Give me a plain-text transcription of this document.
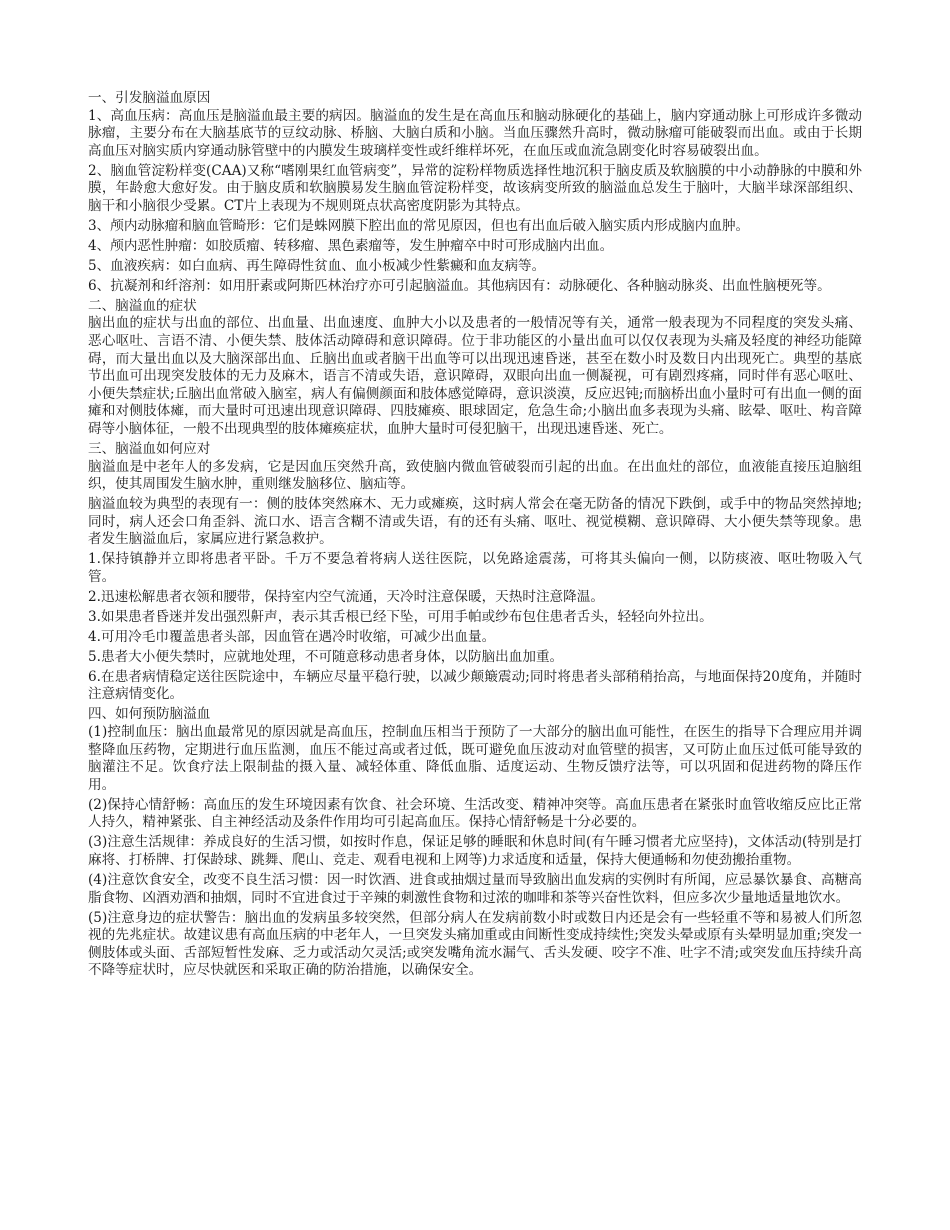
一、引发脑溢血原因

1、高血压病：高血压是脑溢血最主要的病因。脑溢血的发生是在高血压和脑动脉硬化的基础上，脑内穿通动脉上可形成许多微动脉瘤，主要分布在大脑基底节的豆纹动脉、桥脑、大脑白质和小脑。当血压骤然升高时，微动脉瘤可能破裂而出血。或由于长期高血压对脑实质内穿通动脉管壁中的内膜发生玻璃样变性或纤维样坏死，在血压或血流急剧变化时容易破裂出血。

2、脑血管淀粉样变(CAA)又称“嗜刚果红血管病变”，异常的淀粉样物质选择性地沉积于脑皮质及软脑膜的中小动静脉的中膜和外膜，年龄愈大愈好发。由于脑皮质和软脑膜易发生脑血管淀粉样变，故该病变所致的脑溢血总发生于脑叶，大脑半球深部组织、脑干和小脑很少受累。CT片上表现为不规则斑点状高密度阴影为其特点。

3、颅内动脉瘤和脑血管畸形：它们是蛛网膜下腔出血的常见原因，但也有出血后破入脑实质内形成脑内血肿。

4、颅内恶性肿瘤：如胶质瘤、转移瘤、黑色素瘤等，发生肿瘤卒中时可形成脑内出血。

5、血液疾病：如白血病、再生障碍性贫血、血小板减少性紫癜和血友病等。

6、抗凝剂和纤溶剂：如用肝素或阿斯匹林治疗亦可引起脑溢血。其他病因有：动脉硬化、各种脑动脉炎、出血性脑梗死等。

二、脑溢血的症状

脑出血的症状与出血的部位、出血量、出血速度、血肿大小以及患者的一般情况等有关，通常一般表现为不同程度的突发头痛、恶心呕吐、言语不清、小便失禁、肢体活动障碍和意识障碍。位于非功能区的小量出血可以仅仅表现为头痛及轻度的神经功能障碍，而大量出血以及大脑深部出血、丘脑出血或者脑干出血等可以出现迅速昏迷，甚至在数小时及数日内出现死亡。典型的基底节出血可出现突发肢体的无力及麻木，语言不清或失语，意识障碍，双眼向出血一侧凝视，可有剧烈疼痛，同时伴有恶心呕吐、小便失禁症状;丘脑出血常破入脑室，病人有偏侧颜面和肢体感觉障碍，意识淡漠，反应迟钝;而脑桥出血小量时可有出血一侧的面瘫和对侧肢体瘫，而大量时可迅速出现意识障碍、四肢瘫痪、眼球固定，危急生命;小脑出血多表现为头痛、眩晕、呕吐、构音障碍等小脑体征，一般不出现典型的肢体瘫痪症状，血肿大量时可侵犯脑干，出现迅速昏迷、死亡。

三、脑溢血如何应对

脑溢血是中老年人的多发病，它是因血压突然升高，致使脑内微血管破裂而引起的出血。在出血灶的部位，血液能直接压迫脑组织，使其周围发生脑水肿，重则继发脑移位、脑疝等。

脑溢血较为典型的表现有一：侧的肢体突然麻木、无力或瘫痪，这时病人常会在毫无防备的情况下跌倒，或手中的物品突然掉地;同时，病人还会口角歪斜、流口水、语言含糊不清或失语，有的还有头痛、呕吐、视觉模糊、意识障碍、大小便失禁等现象。患者发生脑溢血后，家属应进行紧急救护。

1.保持镇静并立即将患者平卧。千万不要急着将病人送往医院，以免路途震荡，可将其头偏向一侧，以防痰液、呕吐物吸入气管。

2.迅速松解患者衣领和腰带，保持室内空气流通，天冷时注意保暖，天热时注意降温。

3.如果患者昏迷并发出强烈鼾声，表示其舌根已经下坠，可用手帕或纱布包住患者舌头，轻轻向外拉出。

4.可用冷毛巾覆盖患者头部，因血管在遇冷时收缩，可减少出血量。

5.患者大小便失禁时，应就地处理，不可随意移动患者身体，以防脑出血加重。

6.在患者病情稳定送往医院途中，车辆应尽量平稳行驶，以减少颠簸震动;同时将患者头部稍稍抬高，与地面保持20度角，并随时注意病情变化。

四、如何预防脑溢血

(1)控制血压：脑出血最常见的原因就是高血压，控制血压相当于预防了一大部分的脑出血可能性，在医生的指导下合理应用并调整降血压药物，定期进行血压监测，血压不能过高或者过低，既可避免血压波动对血管壁的损害，又可防止血压过低可能导致的脑灌注不足。饮食疗法上限制盐的摄入量、减轻体重、降低血脂、适度运动、生物反馈疗法等，可以巩固和促进药物的降压作用。

(2)保持心情舒畅：高血压的发生环境因素有饮食、社会环境、生活改变、精神冲突等。高血压患者在紧张时血管收缩反应比正常人持久，精神紧张、自主神经活动及条件作用均可引起高血压。保持心情舒畅是十分必要的。

(3)注意生活规律：养成良好的生活习惯，如按时作息，保证足够的睡眠和休息时间(有午睡习惯者尤应坚持)，文体活动(特别是打麻将、打桥牌、打保龄球、跳舞、爬山、竞走、观看电视和上网等)力求适度和适量，保持大便通畅和勿使劲搬抬重物。

(4)注意饮食安全，改变不良生活习惯：因一时饮酒、进食或抽烟过量而导致脑出血发病的实例时有所闻，应忌暴饮暴食、高糖高脂食物、凶酒劝酒和抽烟，同时不宜进食过于辛辣的刺激性食物和过浓的咖啡和茶等兴奋性饮料，但应多次少量地适量地饮水。

(5)注意身边的症状警告：脑出血的发病虽多较突然，但部分病人在发病前数小时或数日内还是会有一些轻重不等和易被人们所忽视的先兆症状。故建议患有高血压病的中老年人，一旦突发头痛加重或由间断性变成持续性;突发头晕或原有头晕明显加重;突发一侧肢体或头面、舌部短暂性发麻、乏力或活动欠灵活;或突发嘴角流水漏气、舌头发硬、咬字不准、吐字不清;或突发血压持续升高不降等症状时，应尽快就医和采取正确的防治措施，以确保安全。
